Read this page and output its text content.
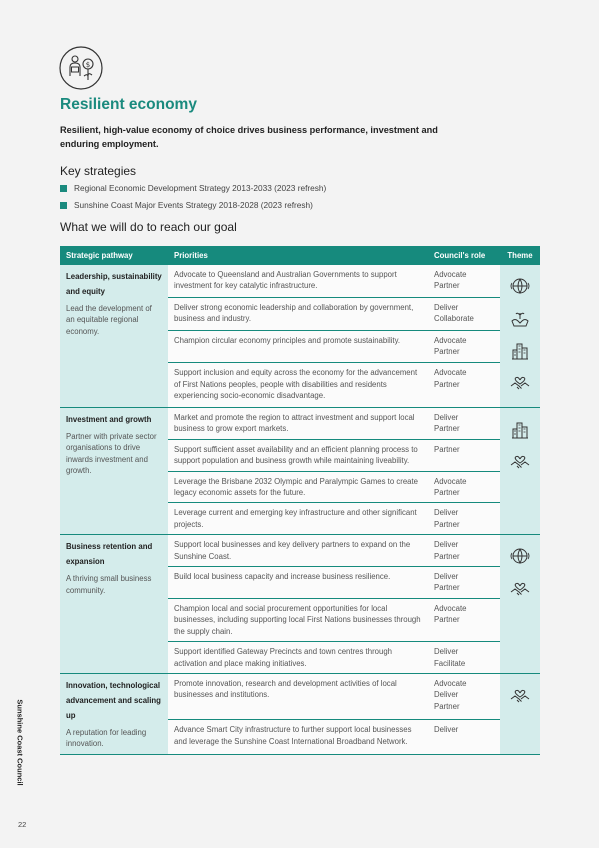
$
Resilient economy

Resilient, high-value economy of choice drives business performance, investment and enduring employment.

Key strategies
Regional Economic Development Strategy 2013-2033 (2023 refresh)
Sunshine Coast Major Events Strategy 2018-2028 (2023 refresh)
What we will do to reach our goal
Strategic pathway	Priorities	Council's role	Theme

Leadership, sustainability and equity
Lead the development of an equitable regional economy.	Advocate to Queensland and Australian Governments to support investment for key catalytic infrastructure.	Advocate
Partner	

	Deliver strong economic leadership and collaboration by government, business and industry.	Deliver
Collaborate	
	Champion circular economy principles and promote sustainability.	Advocate
Partner	
	Support inclusion and equity across the economy for the advancement of First Nations peoples, people with disabilities and residents experiencing socio-economic disadvantage.	Advocate
Partner	

Investment and growth
Partner with private sector organisations to drive inwards investment and growth.	Market and promote the region to attract investment and support local business to grow export markets.	Deliver
Partner	

	Support sufficient asset availability and an efficient planning process to support population and business growth while maintaining liveability.	Partner	
	Leverage the Brisbane 2032 Olympic and Paralympic Games to create legacy economic assets for the future.	Advocate
Partner	
	Leverage current and emerging key infrastructure and other significant projects.	Deliver
Partner	

Business retention and expansion
A thriving small business community.	Support local businesses and key delivery partners to expand on the Sunshine Coast.	Deliver
Partner	

	Build local business capacity and increase business resilience.	Deliver
Partner	
	Champion local and social procurement opportunities for local businesses, including supporting local First Nations businesses through the supply chain.	Advocate
Partner	
	Support identified Gateway Precincts and town centres through activation and place making initiatives.	Deliver
Facilitate	

Innovation, technological advancement and scaling up
A reputation for leading innovation.	Promote innovation, research and development activities of local businesses and institutions.	Advocate
Deliver
Partner	

	Advance Smart City infrastructure to further support local businesses and leverage the Sunshine Coast International Broadband Network.	Deliver	
Sunshine Coast Council
22
